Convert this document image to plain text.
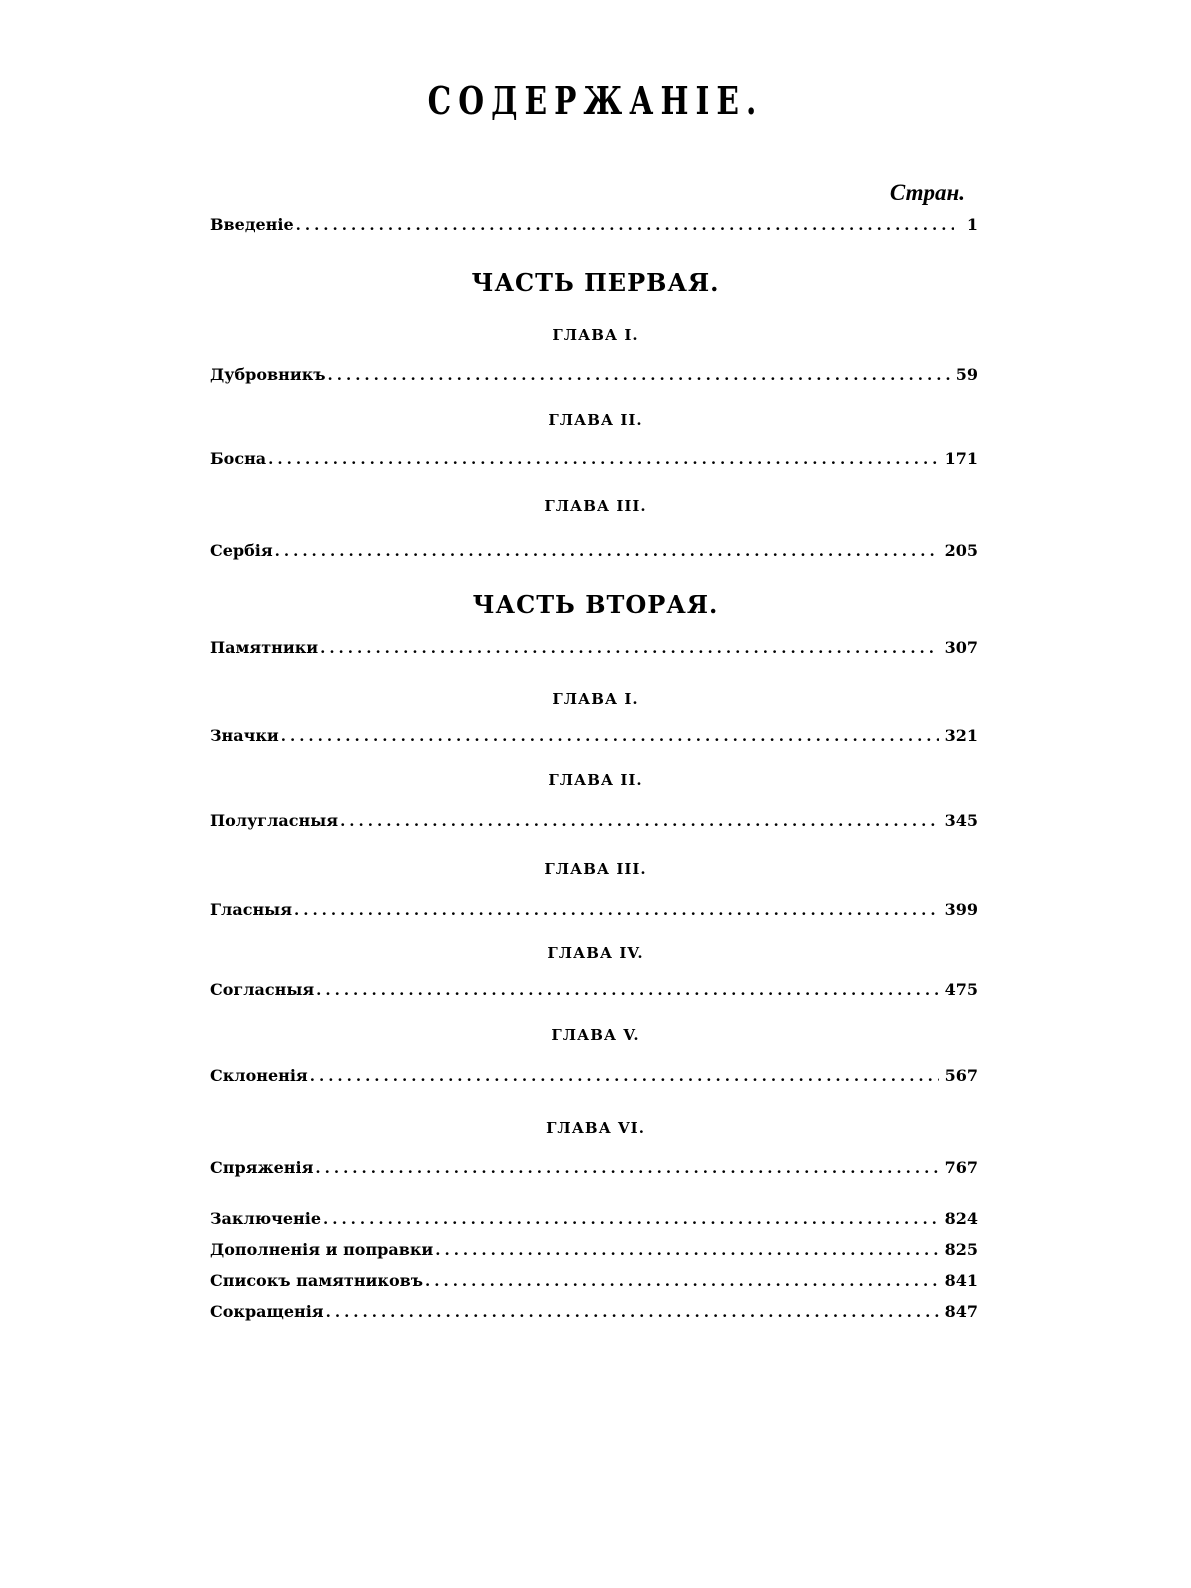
СОДЕРЖАНІЕ.
Стран.
Введеніе .....	1
ЧАСТЬ ПЕРВАЯ.
ГЛАВА I.
Дубровникъ .....	59
ГЛАВА II.
Босна .....	171
ГЛАВА III.
Сербія .....	205
ЧАСТЬ ВТОРАЯ.
Памятники .....	307
ГЛАВА I.
Значки .....	321
ГЛАВА II.
Полугласныя .....	345
ГЛАВА III.
Гласныя .....	399
ГЛАВА IV.
Согласныя .....	475
ГЛАВА V.
Склоненія .....	567
ГЛАВА VI.
Спряженія .....	767
Заключеніе .....	824
Дополненія и поправки .....	825
Списокъ памятниковъ .....	841
Сокращенія .....	847
